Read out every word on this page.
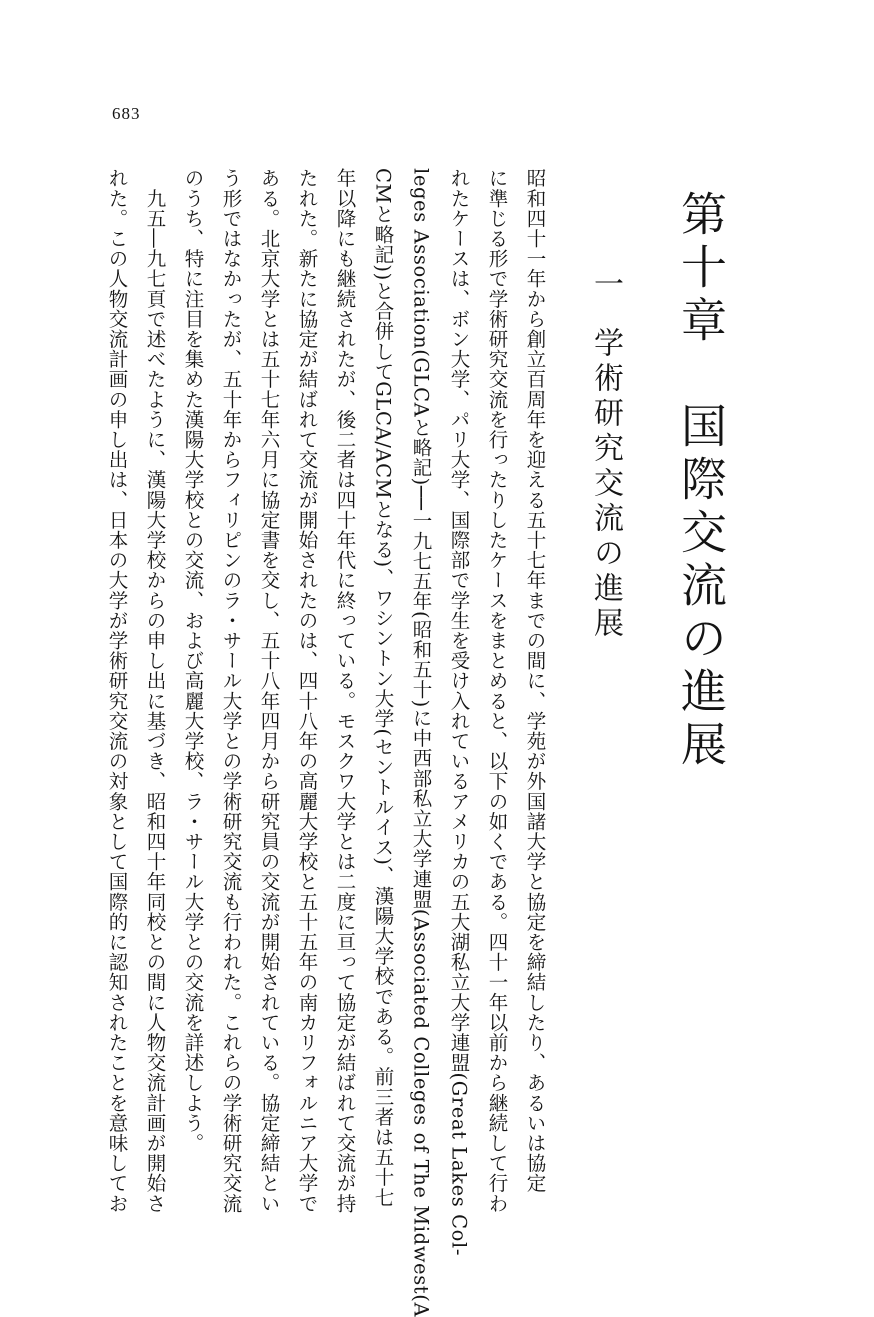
683
第十章　国際交流の進展
一学術研究交流の進展
昭和四十一年から創立百周年を迎える五十七年までの間に、学苑が外国諸大学と協定を締結したり、あるいは協定
に準じる形で学術研究交流を行ったりしたケースをまとめると、以下の如くである。四十一年以前から継続して行わ
れたケースは、ボン大学、パリ大学、国際部で学生を受け入れているアメリカの五大湖私立大学連盟(Great Lakes Col-
leges Association(GLCAと略記)──一九七五年(昭和五十)に中西部私立大学連盟(Associated Colleges of The Midwest(A
CMと略記))と合併してGLCA/ACMとなる)、ワシントン大学(セントルイス)、漢陽大学校である。前三者は五十七
年以降にも継続されたが、後二者は四十年代に終っている。モスクワ大学とは二度に亘って協定が結ばれて交流が持
たれた。新たに協定が結ばれて交流が開始されたのは、四十八年の高麗大学校と五十五年の南カリフォルニア大学で
ある。北京大学とは五十七年六月に協定書を交し、五十八年四月から研究員の交流が開始されている。協定締結とい
う形ではなかったが、五十年からフィリピンのラ・サール大学との学術研究交流も行われた。これらの学術研究交流
のうち、特に注目を集めた漢陽大学校との交流、および高麗大学校、ラ・サール大学との交流を詳述しよう。
　九五―九七頁で述べたように、漢陽大学校からの申し出に基づき、昭和四十年同校との間に人物交流計画が開始さ
れた。この人物交流計画の申し出は、日本の大学が学術研究交流の対象として国際的に認知されたことを意味してお
